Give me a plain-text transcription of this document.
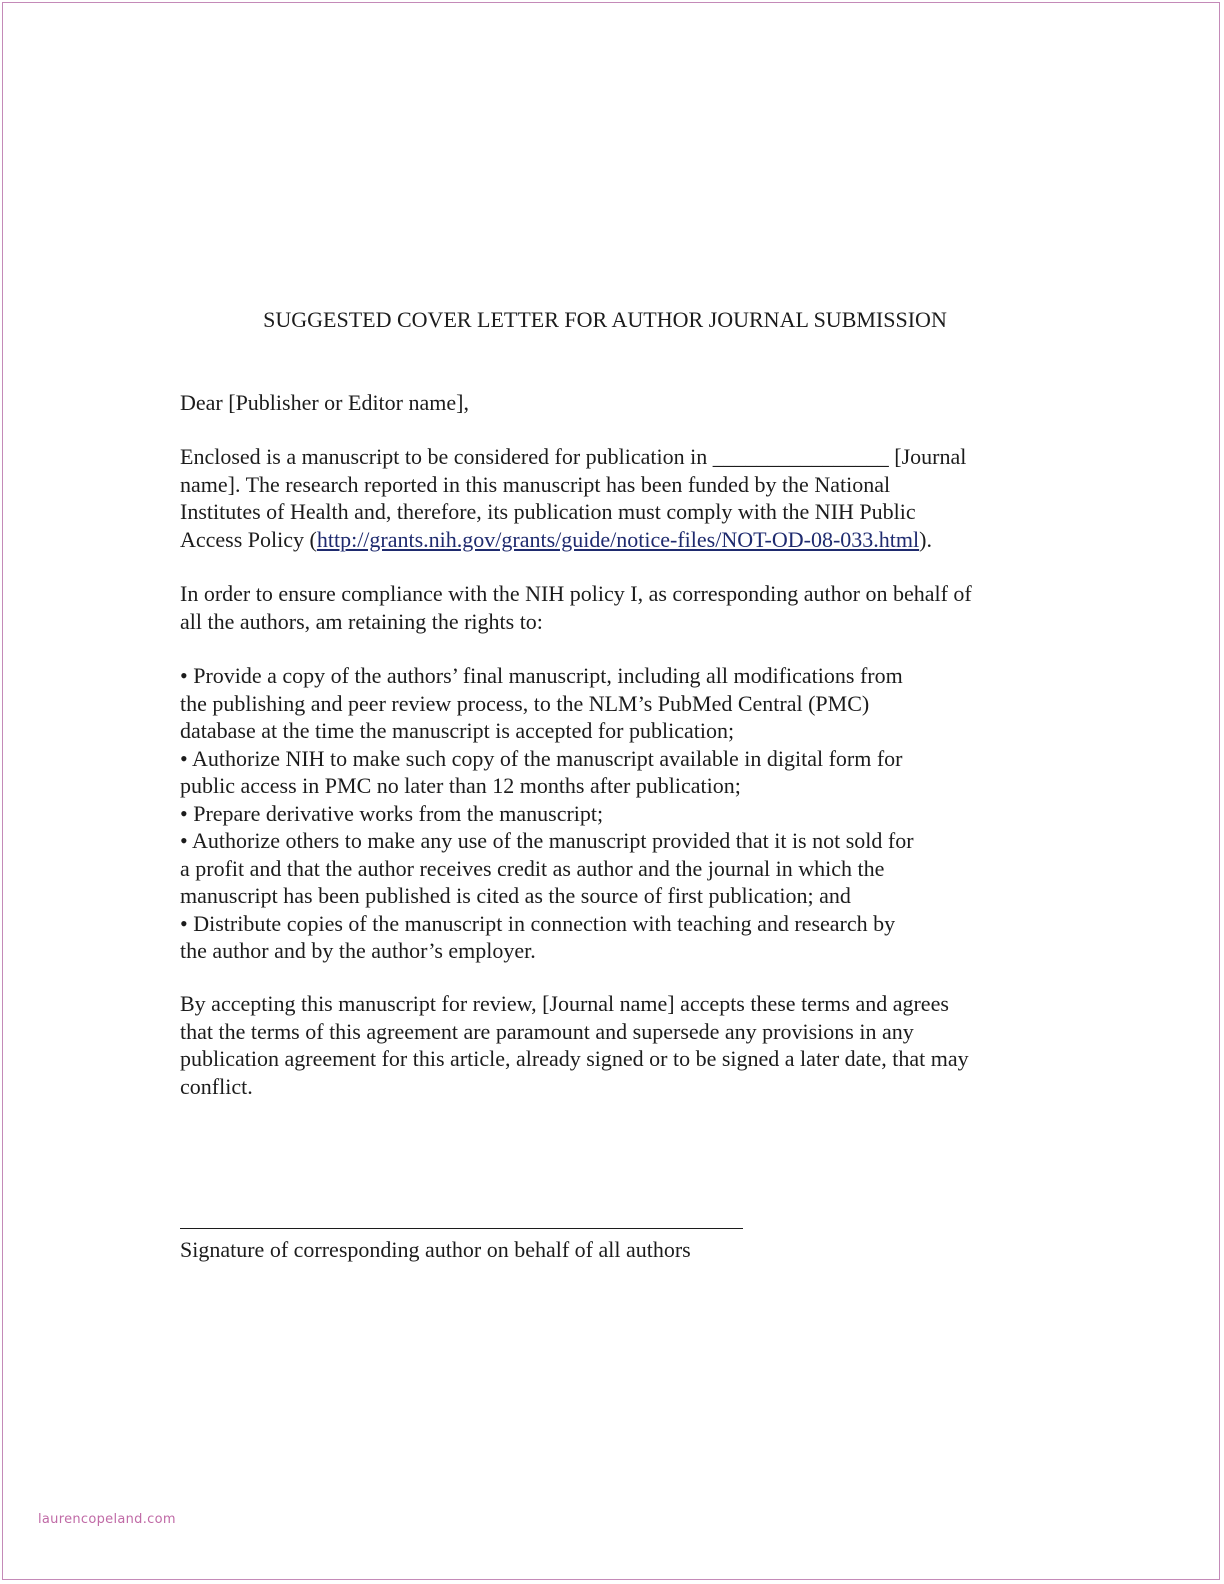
SUGGESTED COVER LETTER FOR AUTHOR JOURNAL SUBMISSION
Dear [Publisher or Editor name],
Enclosed is a manuscript to be considered for publication in ________________ [Journal
name]. The research reported in this manuscript has been funded by the National
Institutes of Health and, therefore, its publication must comply with the NIH Public
Access Policy (http://grants.nih.gov/grants/guide/notice-files/NOT-OD-08-033.html).
In order to ensure compliance with the NIH policy I, as corresponding author on behalf of
all the authors, am retaining the rights to:
• Provide a copy of the authors’ final manuscript, including all modifications from
the publishing and peer review process, to the NLM’s PubMed Central (PMC)
database at the time the manuscript is accepted for publication;
• Authorize NIH to make such copy of the manuscript available in digital form for
public access in PMC no later than 12 months after publication;
• Prepare derivative works from the manuscript;
• Authorize others to make any use of the manuscript provided that it is not sold for
a profit and that the author receives credit as author and the journal in which the
manuscript has been published is cited as the source of first publication; and
• Distribute copies of the manuscript in connection with teaching and research by
the author and by the author’s employer.
By accepting this manuscript for review, [Journal name] accepts these terms and agrees
that the terms of this agreement are paramount and supersede any provisions in any
publication agreement for this article, already signed or to be signed a later date, that may
conflict.
Signature of corresponding author on behalf of all authors
laurencopeland.com
